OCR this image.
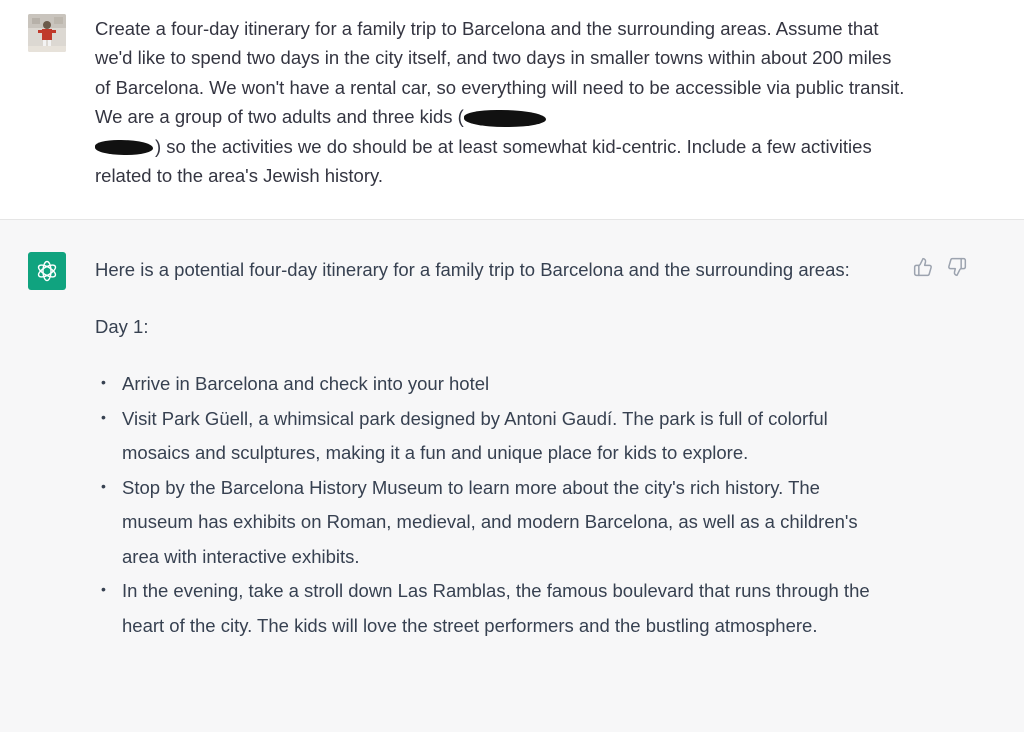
Create a four-day itinerary for a family trip to Barcelona and the surrounding areas. Assume that we'd like to spend two days in the city itself, and two days in smaller towns within about 200 miles of Barcelona. We won't have a rental car, so everything will need to be accessible via public transit. We are a group of two adults and three kids (
) so the activities we do should be at least somewhat kid-centric. Include a few activities related to the area's Jewish history.

Here is a potential four-day itinerary for a family trip to Barcelona and the surrounding areas:

Day 1:

• Arrive in Barcelona and check into your hotel
• Visit Park Güell, a whimsical park designed by Antoni Gaudí. The park is full of colorful mosaics and sculptures, making it a fun and unique place for kids to explore.
• Stop by the Barcelona History Museum to learn more about the city's rich history. The museum has exhibits on Roman, medieval, and modern Barcelona, as well as a children's area with interactive exhibits.
• In the evening, take a stroll down Las Ramblas, the famous boulevard that runs through the heart of the city. The kids will love the street performers and the bustling atmosphere.
